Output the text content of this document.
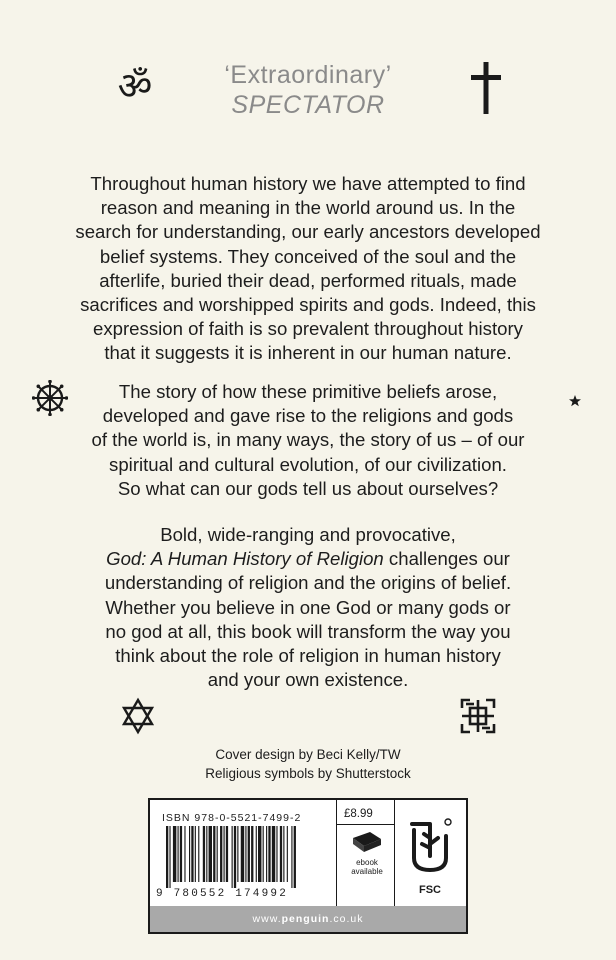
‘Extraordinary’
SPECTATOR
ॐ
Throughout human history we have attempted to find
reason and meaning in the world around us. In the
search for understanding, our early ancestors developed
belief systems. They conceived of the soul and the
afterlife, buried their dead, performed rituals, made
sacrifices and worshipped spirits and gods. Indeed, this
expression of faith is so prevalent throughout history
that it suggests it is inherent in our human nature.
The story of how these primitive beliefs arose,
developed and gave rise to the religions and gods
of the world is, in many ways, the story of us – of our
spiritual and cultural evolution, of our civilization.
So what can our gods tell us about ourselves?
Bold, wide-ranging and provocative,
God: A Human History of Religion challenges our
understanding of religion and the origins of belief.
Whether you believe in one God or many gods or
no god at all, this book will transform the way you
think about the role of religion in human history
and your own existence.
Cover design by Beci Kelly/TW
Religious symbols by Shutterstock
ISBN 978-0-5521-7499-2
9 780552 174992
£8.99
ebook
available
FSC
www. penguin .co.uk
